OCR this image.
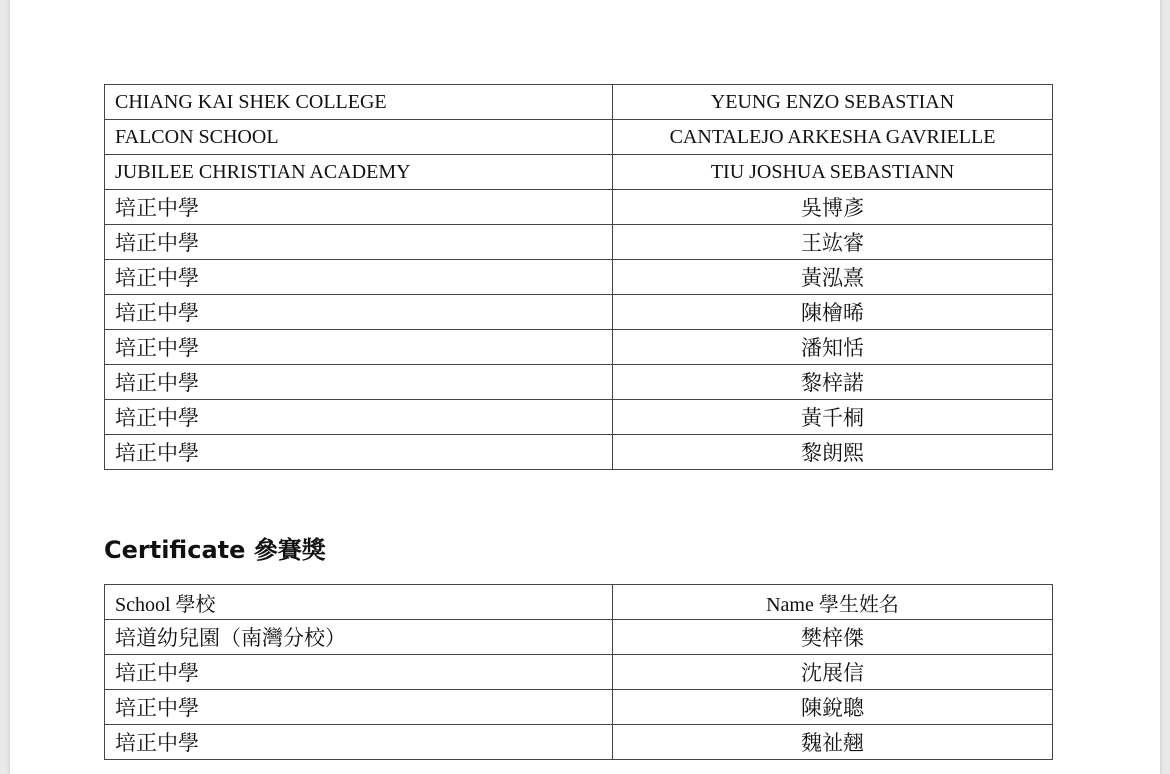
CHIANG KAI SHEK COLLEGE	YEUNG ENZO SEBASTIAN
FALCON SCHOOL	CANTALEJO ARKESHA GAVRIELLE
JUBILEE CHRISTIAN ACADEMY	TIU JOSHUA SEBASTIANN
培正中學	吳博彥
培正中學	王竑睿
培正中學	黃泓熹
培正中學	陳檜晞
培正中學	潘知恬
培正中學	黎梓諾
培正中學	黃千桐
培正中學	黎朗熙
Certificate 參賽獎
School 學校	Name 學生姓名
培道幼兒園（南灣分校）	樊梓傑
培正中學	沈展信
培正中學	陳銳聰
培正中學	魏祉翹
